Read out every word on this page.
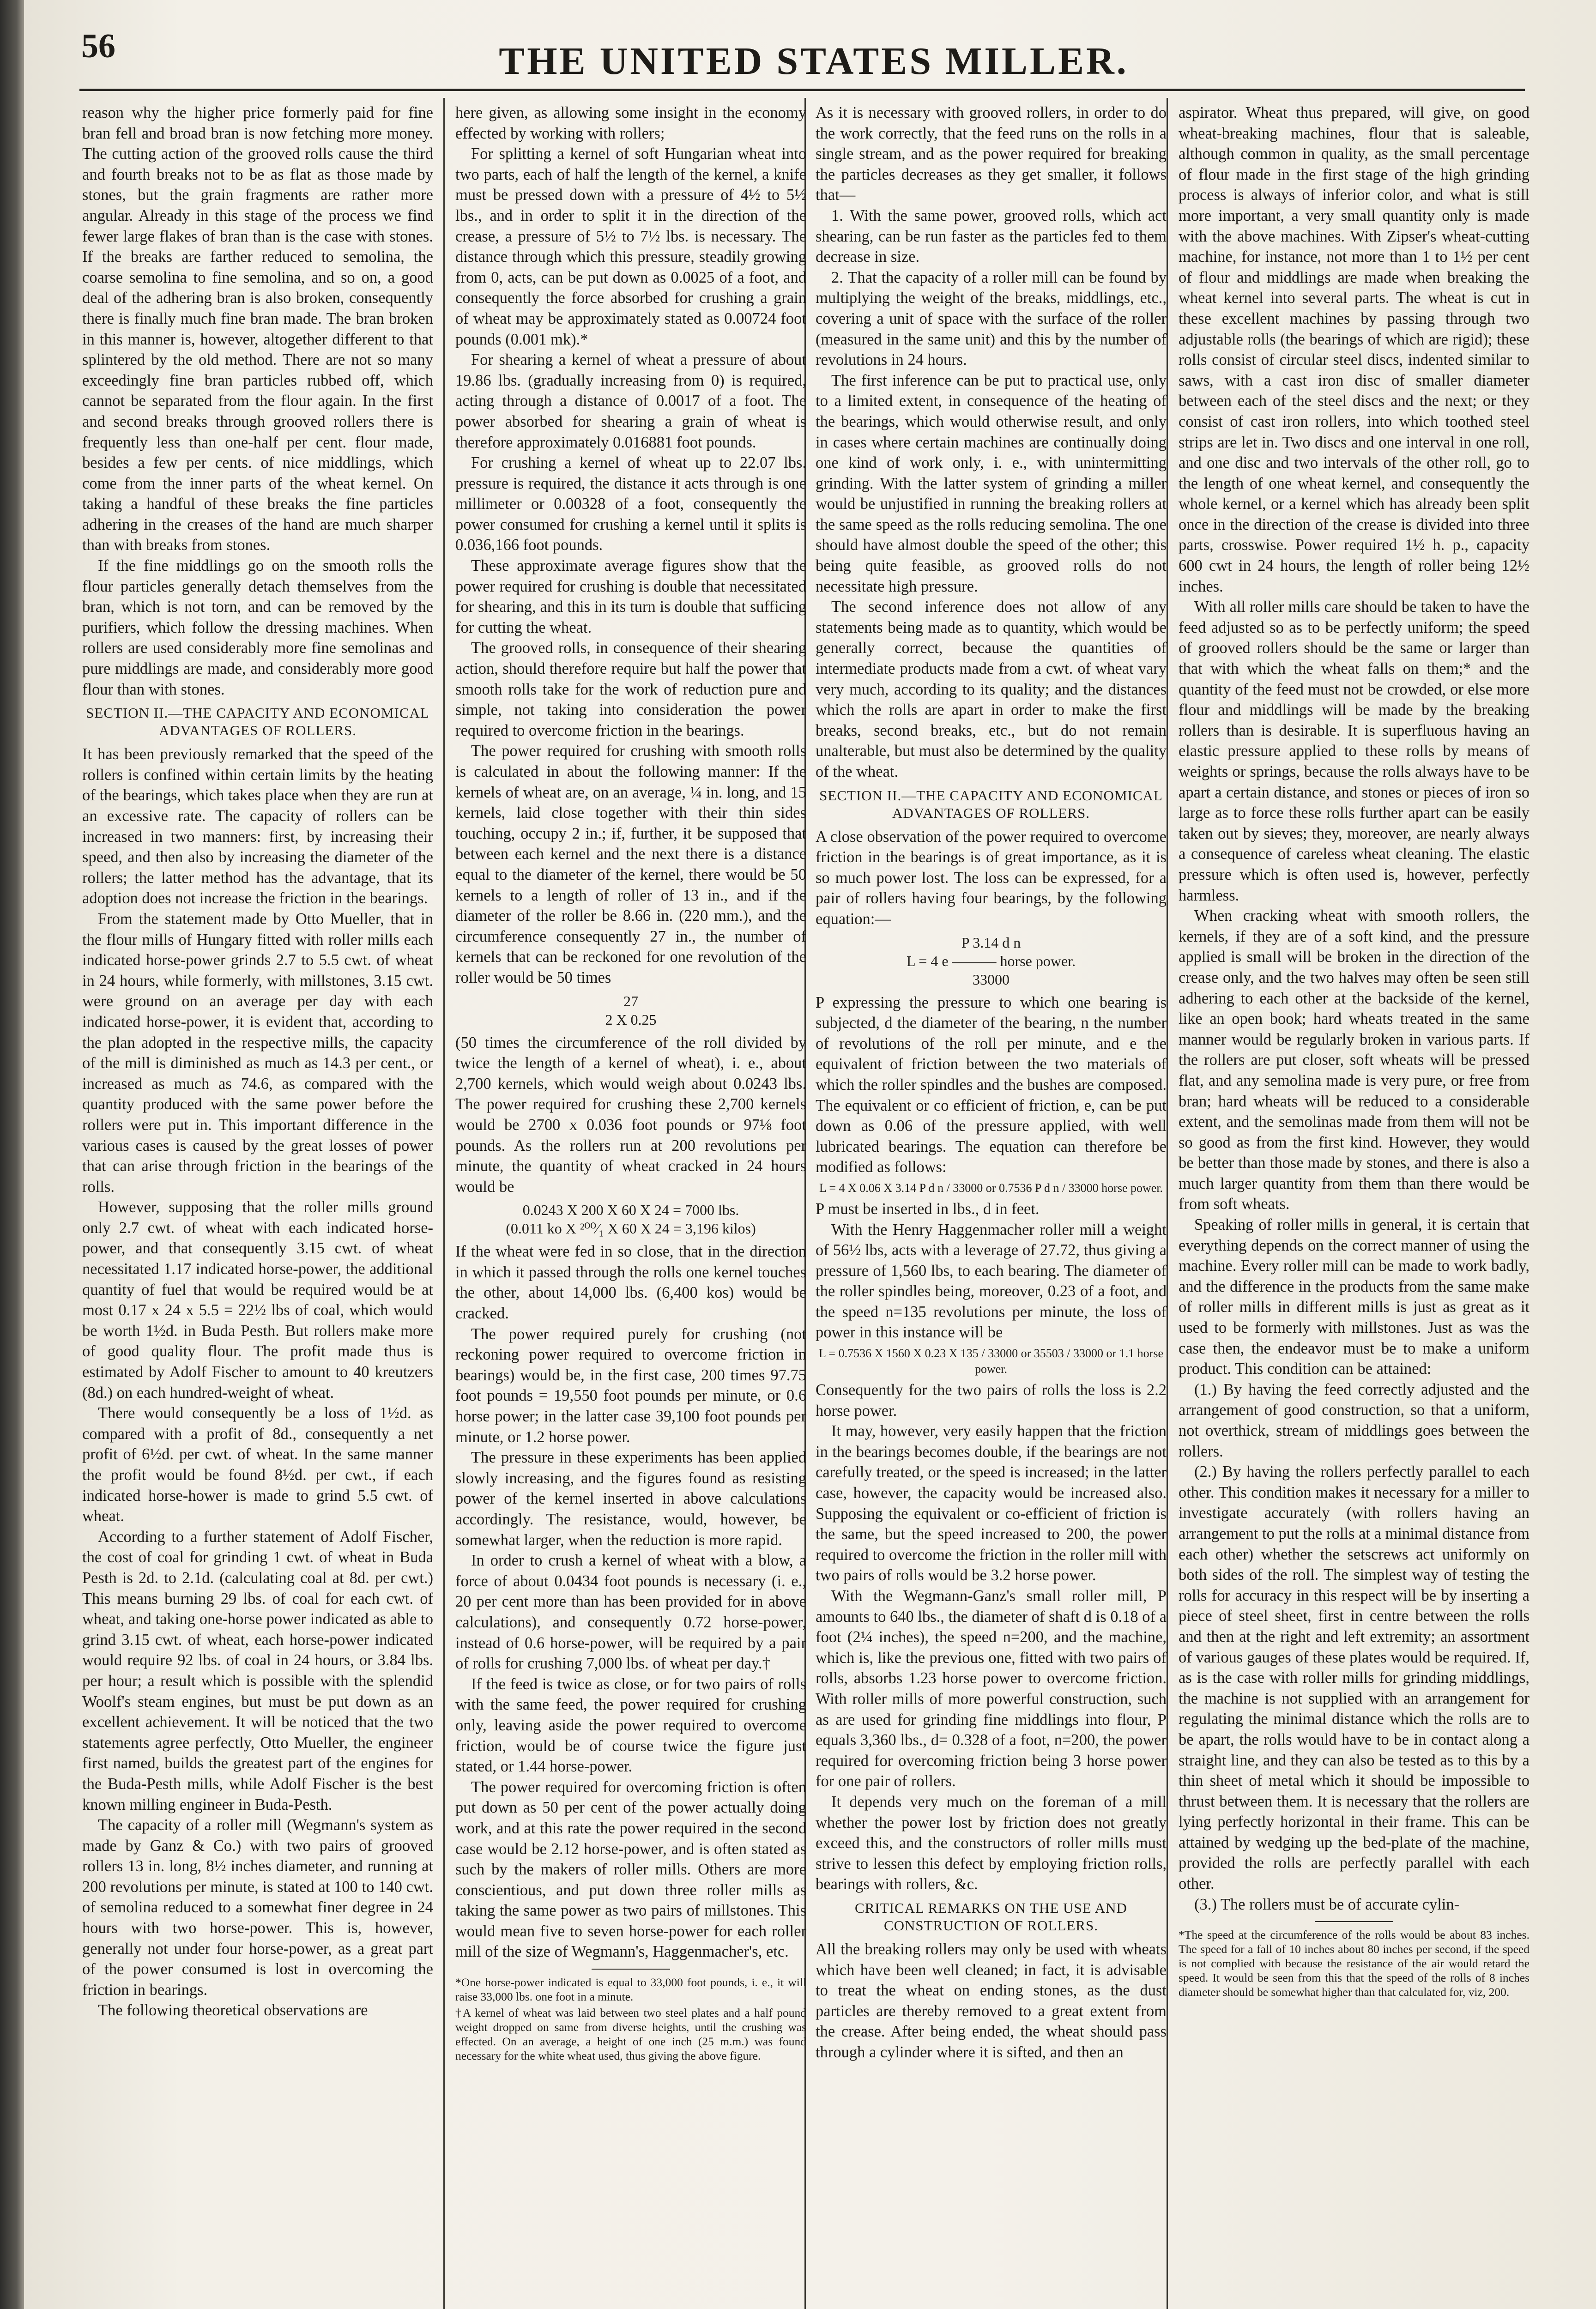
56	THE UNITED STATES MILLER.

reason why the higher price formerly paid for fine bran fell and broad bran is now fetching more money. The cutting action of the grooved rolls cause the third and fourth breaks not to be as flat as those made by stones, but the grain fragments are rather more angular. Already in this stage of the process we find fewer large flakes of bran than is the case with stones. If the breaks are farther reduced to semolina, the coarse semolina to fine semolina, and so on, a good deal of the adhering bran is also broken, consequently there is finally much fine bran made. The bran broken in this manner is, however, altogether different to that splintered by the old method. There are not so many exceedingly fine bran particles rubbed off, which cannot be separated from the flour again. In the first and second breaks through grooved rollers there is frequently less than one-half per cent. flour made, besides a few per cents. of nice middlings, which come from the inner parts of the wheat kernel. On taking a handful of these breaks the fine particles adhering in the creases of the hand are much sharper than with breaks from stones.

If the fine middlings go on the smooth rolls the flour particles generally detach themselves from the bran, which is not torn, and can be removed by the purifiers, which follow the dressing machines. When rollers are used considerably more fine semolinas and pure middlings are made, and considerably more good flour than with stones.

SECTION II.—THE CAPACITY AND ECONOMICAL ADVANTAGES OF ROLLERS.

It has been previously remarked that the speed of the rollers is confined within certain limits by the heating of the bearings, which takes place when they are run at an excessive rate. The capacity of rollers can be increased in two manners: first, by increasing their speed, and then also by increasing the diameter of the rollers; the latter method has the advantage, that its adoption does not increase the friction in the bearings.

From the statement made by Otto Mueller, that in the flour mills of Hungary fitted with roller mills each indicated horse-power grinds 2.7 to 5.5 cwt. of wheat in 24 hours, while formerly, with millstones, 3.15 cwt. were ground on an average per day with each indicated horse-power, it is evident that, according to the plan adopted in the respective mills, the capacity of the mill is diminished as much as 14.3 per cent., or increased as much as 74.6, as compared with the quantity produced with the same power before the rollers were put in. This important difference in the various cases is caused by the great losses of power that can arise through friction in the bearings of the rolls.

However, supposing that the roller mills ground only 2.7 cwt. of wheat with each indicated horse-power, and that consequently 3.15 cwt. of wheat necessitated 1.17 indicated horse-power, the additional quantity of fuel that would be required would be at most 0.17 x 24 x 5.5 = 22½ lbs of coal, which would be worth 1½d. in Buda Pesth. But rollers make more of good quality flour. The profit made thus is estimated by Adolf Fischer to amount to 40 kreutzers (8d.) on each hundred-weight of wheat.

There would consequently be a loss of 1½d. as compared with a profit of 8d., consequently a net profit of 6½d. per cwt. of wheat. In the same manner the profit would be found 8½d. per cwt., if each indicated horse-hower is made to grind 5.5 cwt. of wheat.

According to a further statement of Adolf Fischer, the cost of coal for grinding 1 cwt. of wheat in Buda Pesth is 2d. to 2.1d. (calculating coal at 8d. per cwt.) This means burning 29 lbs. of coal for each cwt. of wheat, and taking one-horse power indicated as able to grind 3.15 cwt. of wheat, each horse-power indicated would require 92 lbs. of coal in 24 hours, or 3.84 lbs. per hour; a result which is possible with the splendid Woolf's steam engines, but must be put down as an excellent achievement. It will be noticed that the two statements agree perfectly, Otto Mueller, the engineer first named, builds the greatest part of the engines for the Buda-Pesth mills, while Adolf Fischer is the best known milling engineer in Buda-Pesth.

The capacity of a roller mill (Wegmann's system as made by Ganz & Co.) with two pairs of grooved rollers 13 in. long, 8½ inches diameter, and running at 200 revolutions per minute, is stated at 100 to 140 cwt. of semolina reduced to a somewhat finer degree in 24 hours with two horse-power. This is, however, generally not under four horse-power, as a great part of the power consumed is lost in overcoming the friction in bearings.

The following theoretical observations are

here given, as allowing some insight in the economy effected by working with rollers;

For splitting a kernel of soft Hungarian wheat into two parts, each of half the length of the kernel, a knife must be pressed down with a pressure of 4½ to 5½ lbs., and in order to split it in the direction of the crease, a pressure of 5½ to 7½ lbs. is necessary. The distance through which this pressure, steadily growing from 0, acts, can be put down as 0.0025 of a foot, and consequently the force absorbed for crushing a grain of wheat may be approximately stated as 0.00724 foot pounds (0.001 mk).*

For shearing a kernel of wheat a pressure of about 19.86 lbs. (gradually increasing from 0) is required, acting through a distance of 0.0017 of a foot. The power absorbed for shearing a grain of wheat is therefore approximately 0.016881 foot pounds.

For crushing a kernel of wheat up to 22.07 lbs. pressure is required, the distance it acts through is one millimeter or 0.00328 of a foot, consequently the power consumed for crushing a kernel until it splits is 0.036,166 foot pounds.

These approximate average figures show that the power required for crushing is double that necessitated for shearing, and this in its turn is double that sufficing for cutting the wheat.

The grooved rolls, in consequence of their shearing action, should therefore require but half the power that smooth rolls take for the work of reduction pure and simple, not taking into consideration the power required to overcome friction in the bearings.

The power required for crushing with smooth rolls is calculated in about the following manner: If the kernels of wheat are, on an average, ¼ in. long, and 15 kernels, laid close together with their thin sides touching, occupy 2 in.; if, further, it be supposed that between each kernel and the next there is a distance equal to the diameter of the kernel, there would be 50 kernels to a length of roller of 13 in., and if the diameter of the roller be 8.66 in. (220 mm.), and the circumference consequently 27 in., the number of kernels that can be reckoned for one revolution of the roller would be 50 times

27
2 X 0.25

(50 times the circumference of the roll divided by twice the length of a kernel of wheat), i. e., about 2,700 kernels, which would weigh about 0.0243 lbs. The power required for crushing these 2,700 kernels would be 2700 x 0.036 foot pounds or 97⅛ foot pounds. As the rollers run at 200 revolutions per minute, the quantity of wheat cracked in 24 hours would be

0.0243 X 200 X 60 X 24 = 7000 lbs.
(0.011 ko X ²⁰⁰⁄₁ X 60 X 24 = 3,196 kilos)

If the wheat were fed in so close, that in the direction in which it passed through the rolls one kernel touches the other, about 14,000 lbs. (6,400 kos) would be cracked.

The power required purely for crushing (not reckoning power required to overcome friction in bearings) would be, in the first case, 200 times 97.75 foot pounds = 19,550 foot pounds per minute, or 0.6 horse power; in the latter case 39,100 foot pounds per minute, or 1.2 horse power.

The pressure in these experiments has been applied slowly increasing, and the figures found as resisting power of the kernel inserted in above calculations accordingly. The resistance, would, however, be somewhat larger, when the reduction is more rapid.

In order to crush a kernel of wheat with a blow, a force of about 0.0434 foot pounds is necessary (i. e., 20 per cent more than has been provided for in above calculations), and consequently 0.72 horse-power, instead of 0.6 horse-power, will be required by a pair of rolls for crushing 7,000 lbs. of wheat per day.†

If the feed is twice as close, or for two pairs of rolls with the same feed, the power required for crushing only, leaving aside the power required to overcome friction, would be of course twice the figure just stated, or 1.44 horse-power.

The power required for overcoming friction is often put down as 50 per cent of the power actually doing work, and at this rate the power required in the second case would be 2.12 horse-power, and is often stated as such by the makers of roller mills. Others are more conscientious, and put down three roller mills as taking the same power as two pairs of millstones. This would mean five to seven horse-power for each roller mill of the size of Wegmann's, Haggenmacher's, etc.

*One horse-power indicated is equal to 33,000 foot pounds, i. e., it will raise 33,000 lbs. one foot in a minute.
†A kernel of wheat was laid between two steel plates and a half pound weight dropped on same from diverse heights, until the crushing was effected. On an average, a height of one inch (25 m.m.) was found necessary for the white wheat used, thus giving the above figure.

As it is necessary with grooved rollers, in order to do the work correctly, that the feed runs on the rolls in a single stream, and as the power required for breaking the particles decreases as they get smaller, it follows that—

1. With the same power, grooved rolls, which act shearing, can be run faster as the particles fed to them decrease in size.

2. That the capacity of a roller mill can be found by multiplying the weight of the breaks, middlings, etc., covering a unit of space with the surface of the roller (measured in the same unit) and this by the number of revolutions in 24 hours.

The first inference can be put to practical use, only to a limited extent, in consequence of the heating of the bearings, which would otherwise result, and only in cases where certain machines are continually doing one kind of work only, i. e., with unintermitting grinding. With the latter system of grinding a miller would be unjustified in running the breaking rollers at the same speed as the rolls reducing semolina. The one should have almost double the speed of the other; this being quite feasible, as grooved rolls do not necessitate high pressure.

The second inference does not allow of any statements being made as to quantity, which would be generally correct, because the quantities of intermediate products made from a cwt. of wheat vary very much, according to its quality; and the distances which the rolls are apart in order to make the first breaks, second breaks, etc., but do not remain unalterable, but must also be determined by the quality of the wheat.

SECTION II.—THE CAPACITY AND ECONOMICAL ADVANTAGES OF ROLLERS.

A close observation of the power required to overcome friction in the bearings is of great importance, as it is so much power lost. The loss can be expressed, for a pair of rollers having four bearings, by the following equation:—

P 3.14 d n
L = 4 e ——— horse power.
33000

P expressing the pressure to which one bearing is subjected, d the diameter of the bearing, n the number of revolutions of the roll per minute, and e the equivalent of friction between the two materials of which the roller spindles and the bushes are composed. The equivalent or co efficient of friction, e, can be put down as 0.06 of the pressure applied, with well lubricated bearings. The equation can therefore be modified as follows:

L = 4 X 0.06 X 3.14 P d n / 33000 or 0.7536 P d n / 33000 horse power.

P must be inserted in lbs., d in feet.

With the Henry Haggenmacher roller mill a weight of 56½ lbs, acts with a leverage of 27.72, thus giving a pressure of 1,560 lbs, to each bearing. The diameter of the roller spindles being, moreover, 0.23 of a foot, and the speed n=135 revolutions per minute, the loss of power in this instance will be

L = 0.7536 X 1560 X 0.23 X 135 / 33000 or 35503 / 33000 or 1.1 horse power.

Consequently for the two pairs of rolls the loss is 2.2 horse power.

It may, however, very easily happen that the friction in the bearings becomes double, if the bearings are not carefully treated, or the speed is increased; in the latter case, however, the capacity would be increased also. Supposing the equivalent or co-efficient of friction is the same, but the speed increased to 200, the power required to overcome the friction in the roller mill with two pairs of rolls would be 3.2 horse power.

With the Wegmann-Ganz's small roller mill, P amounts to 640 lbs., the diameter of shaft d is 0.18 of a foot (2¼ inches), the speed n=200, and the machine, which is, like the previous one, fitted with two pairs of rolls, absorbs 1.23 horse power to overcome friction. With roller mills of more powerful construction, such as are used for grinding fine middlings into flour, P equals 3,360 lbs., d= 0.328 of a foot, n=200, the power required for overcoming friction being 3 horse power for one pair of rollers.

It depends very much on the foreman of a mill whether the power lost by friction does not greatly exceed this, and the constructors of roller mills must strive to lessen this defect by employing friction rolls, bearings with rollers, &c.

CRITICAL REMARKS ON THE USE AND CONSTRUCTION OF ROLLERS.

All the breaking rollers may only be used with wheats which have been well cleaned; in fact, it is advisable to treat the wheat on ending stones, as the dust particles are thereby removed to a great extent from the crease. After being ended, the wheat should pass through a cylinder where it is sifted, and then an

aspirator. Wheat thus prepared, will give, on good wheat-breaking machines, flour that is saleable, although common in quality, as the small percentage of flour made in the first stage of the high grinding process is always of inferior color, and what is still more important, a very small quantity only is made with the above machines. With Zipser's wheat-cutting machine, for instance, not more than 1 to 1½ per cent of flour and middlings are made when breaking the wheat kernel into several parts. The wheat is cut in these excellent machines by passing through two adjustable rolls (the bearings of which are rigid); these rolls consist of circular steel discs, indented similar to saws, with a cast iron disc of smaller diameter between each of the steel discs and the next; or they consist of cast iron rollers, into which toothed steel strips are let in. Two discs and one interval in one roll, and one disc and two intervals of the other roll, go to the length of one wheat kernel, and consequently the whole kernel, or a kernel which has already been split once in the direction of the crease is divided into three parts, crosswise. Power required 1½ h. p., capacity 600 cwt in 24 hours, the length of roller being 12½ inches.

With all roller mills care should be taken to have the feed adjusted so as to be perfectly uniform; the speed of grooved rollers should be the same or larger than that with which the wheat falls on them;* and the quantity of the feed must not be crowded, or else more flour and middlings will be made by the breaking rollers than is desirable. It is superfluous having an elastic pressure applied to these rolls by means of weights or springs, because the rolls always have to be apart a certain distance, and stones or pieces of iron so large as to force these rolls further apart can be easily taken out by sieves; they, moreover, are nearly always a consequence of careless wheat cleaning. The elastic pressure which is often used is, however, perfectly harmless.

When cracking wheat with smooth rollers, the kernels, if they are of a soft kind, and the pressure applied is small will be broken in the direction of the crease only, and the two halves may often be seen still adhering to each other at the backside of the kernel, like an open book; hard wheats treated in the same manner would be regularly broken in various parts. If the rollers are put closer, soft wheats will be pressed flat, and any semolina made is very pure, or free from bran; hard wheats will be reduced to a considerable extent, and the semolinas made from them will not be so good as from the first kind. However, they would be better than those made by stones, and there is also a much larger quantity from them than there would be from soft wheats.

Speaking of roller mills in general, it is certain that everything depends on the correct manner of using the machine. Every roller mill can be made to work badly, and the difference in the products from the same make of roller mills in different mills is just as great as it used to be formerly with millstones. Just as was the case then, the endeavor must be to make a uniform product. This condition can be attained:

(1.) By having the feed correctly adjusted and the arrangement of good construction, so that a uniform, not overthick, stream of middlings goes between the rollers.

(2.) By having the rollers perfectly parallel to each other. This condition makes it necessary for a miller to investigate accurately (with rollers having an arrangement to put the rolls at a minimal distance from each other) whether the setscrews act uniformly on both sides of the roll. The simplest way of testing the rolls for accuracy in this respect will be by inserting a piece of steel sheet, first in centre between the rolls and then at the right and left extremity; an assortment of various gauges of these plates would be required. If, as is the case with roller mills for grinding middlings, the machine is not supplied with an arrangement for regulating the minimal distance which the rolls are to be apart, the rolls would have to be in contact along a straight line, and they can also be tested as to this by a thin sheet of metal which it should be impossible to thrust between them. It is necessary that the rollers are lying perfectly horizontal in their frame. This can be attained by wedging up the bed-plate of the machine, provided the rolls are perfectly parallel with each other.

(3.) The rollers must be of accurate cylin-

*The speed at the circumference of the rolls would be about 83 inches. The speed for a fall of 10 inches about 80 inches per second, if the speed is not complied with because the resistance of the air would retard the speed. It would be seen from this that the speed of the rolls of 8 inches diameter should be somewhat higher than that calculated for, viz, 200.
